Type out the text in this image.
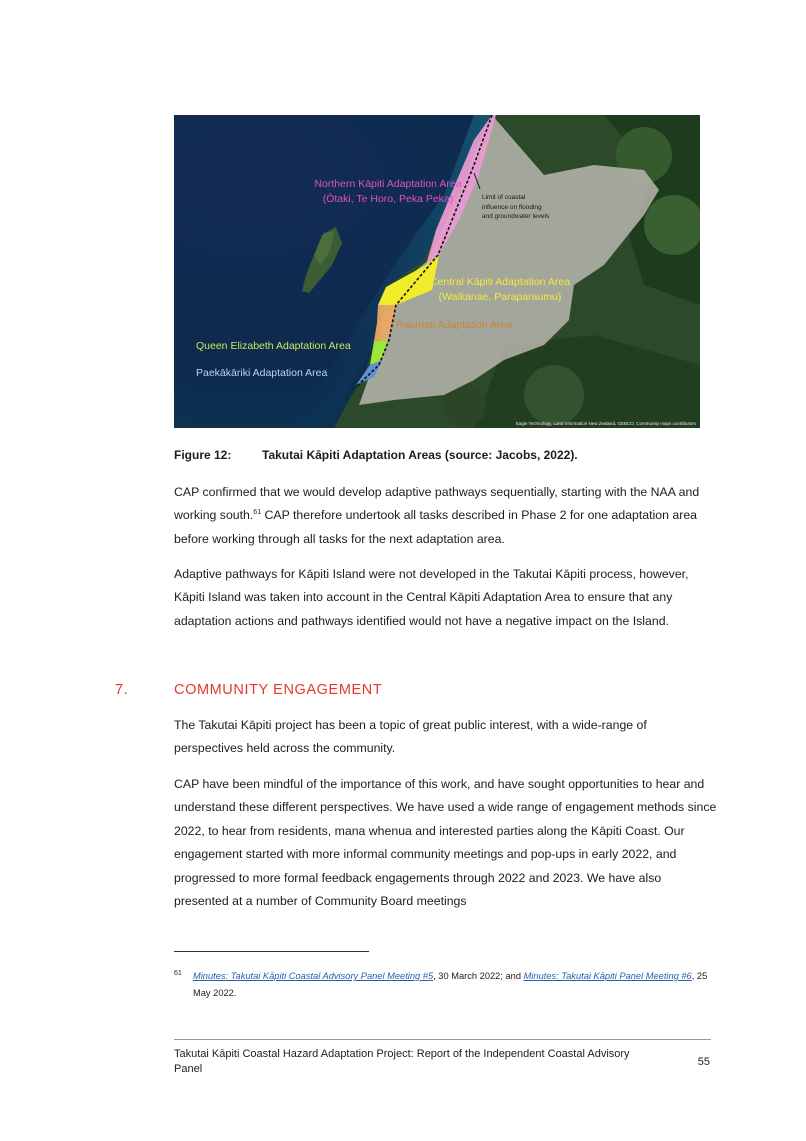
Northern Kāpiti Adaptation Area
(Ōtaki, Te Horo, Peka Peka)	Limit of coastal
influence on flooding
and groundwater levels
Central Kāpiti Adaptation Area
(Waikanae, Paraparaumu)
Raumati Adaptation Area
Queen Elizabeth Adaptation Area
Paekākāriki Adaptation Area
Eagle Technology, Land Information New Zealand, GEBCO, Community maps contributors
Figure 12:	Takutai Kāpiti Adaptation Areas (source: Jacobs, 2022).

CAP confirmed that we would develop adaptive pathways sequentially, starting with the NAA and working south.$^{61}$ CAP therefore undertook all tasks described in Phase 2 for one adaptation area before working through all tasks for the next adaptation area.

Adaptive pathways for Kāpiti Island were not developed in the Takutai Kāpiti process, however, Kāpiti Island was taken into account in the Central Kāpiti Adaptation Area to ensure that any adaptation actions and pathways identified would not have a negative impact on the Island.

7.	COMMUNITY ENGAGEMENT

The Takutai Kāpiti project has been a topic of great public interest, with a wide-range of perspectives held across the community.

CAP have been mindful of the importance of this work, and have sought opportunities to hear and understand these different perspectives. We have used a wide range of engagement methods since 2022, to hear from residents, mana whenua and interested parties along the Kāpiti Coast. Our engagement started with more informal community meetings and pop-ups in early 2022, and progressed to more formal feedback engagements through 2022 and 2023. We have also presented at a number of Community Board meetings

61 Minutes: Takutai Kāpiti Coastal Advisory Panel Meeting #5, 30 March 2022; and Minutes: Takutai Kāpiti Panel Meeting #6, 25 May 2022.
Takutai Kāpiti Coastal Hazard Adaptation Project: Report of the Independent Coastal Advisory Panel
55
